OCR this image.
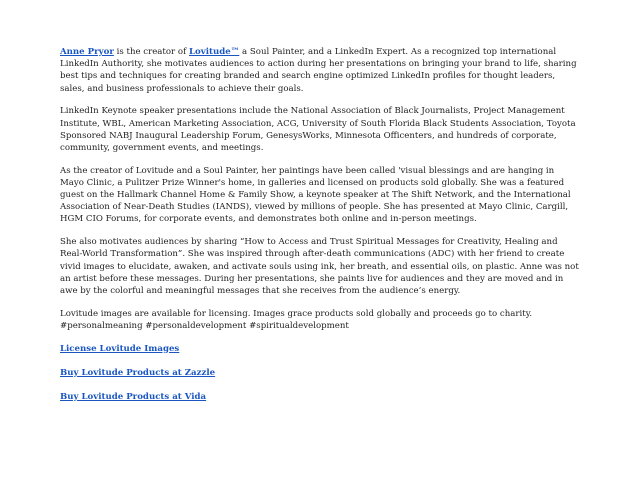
Anne Pryor is the creator of Lovitude™ a Soul Painter, and a LinkedIn Expert. As a recognized top international LinkedIn Authority, she motivates audiences to action during her presentations on bringing your brand to life, sharing best tips and techniques for creating branded and search engine optimized LinkedIn profiles for thought leaders, sales, and business professionals to achieve their goals.

LinkedIn Keynote speaker presentations include the National Association of Black Journalists, Project Management Institute, WBL, American Marketing Association, ACG, University of South Florida Black Students Association, Toyota Sponsored NABJ Inaugural Leadership Forum, GenesysWorks, Minnesota Officenters, and hundreds of corporate, community, government events, and meetings.

As the creator of Lovitude and a Soul Painter, her paintings have been called 'visual blessings and are hanging in Mayo Clinic, a Pulitzer Prize Winner's home, in galleries and licensed on products sold globally. She was a featured guest on the Hallmark Channel Home & Family Show, a keynote speaker at The Shift Network, and the International Association of Near-Death Studies (IANDS), viewed by millions of people. She has presented at Mayo Clinic, Cargill, HGM CIO Forums, for corporate events, and demonstrates both online and in-person meetings.

She also motivates audiences by sharing “How to Access and Trust Spiritual Messages for Creativity, Healing and Real-World Transformation”. She was inspired through after-death communications (ADC) with her friend to create vivid images to elucidate, awaken, and activate souls using ink, her breath, and essential oils, on plastic. Anne was not an artist before these messages. During her presentations, she paints live for audiences and they are moved and in awe by the colorful and meaningful messages that she receives from the audience’s energy.

Lovitude images are available for licensing. Images grace products sold globally and proceeds go to charity.
#personalmeaning #personaldevelopment #spiritualdevelopment

License Lovitude Images

Buy Lovitude Products at Zazzle

Buy Lovitude Products at Vida
